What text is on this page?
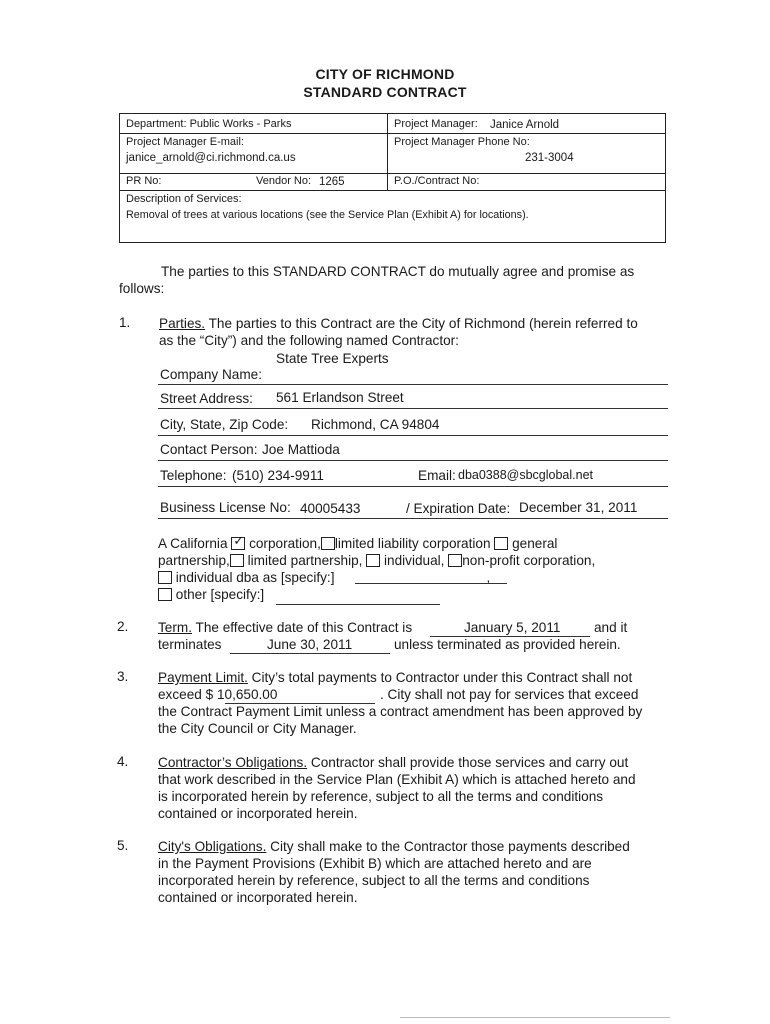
CITY OF RICHMOND
STANDARD CONTRACT
Department: Public Works - Parks	Project Manager: Janice Arnold
Project Manager E-mail:
janice_arnold@ci.richmond.ca.us
Project Manager Phone No:
231-3004
PR No:	Vendor No: 1265	P.O./Contract No:
Description of Services:
Removal of trees at various locations (see the Service Plan (Exhibit A) for locations).
The parties to this STANDARD CONTRACT do mutually agree and promise as
follows:
1. Parties. The parties to this Contract are the City of Richmond (herein referred to
as the “City”) and the following named Contractor:
State Tree Experts
Company Name:
Street Address: 561 Erlandson Street
City, State, Zip Code: Richmond, CA 94804
Contact Person: Joe Mattioda
Telephone: (510) 234-9911	Email: dba0388@sbcglobal.net
Business License No: 40005433	/ Expiration Date: December 31, 2011
A California ✓ corporation, limited liability corporation general
partnership, limited partnership, individual, non-profit corporation,
individual dba as [specify:]	,
other [specify:]
2. Term. The effective date of this Contract is	January 5, 2011 and it
terminates	June 30, 2011	unless terminated as provided herein.
3. Payment Limit. City’s total payments to Contractor under this Contract shall not
exceed $ 10,650.00	. City shall not pay for services that exceed
the Contract Payment Limit unless a contract amendment has been approved by
the City Council or City Manager.
4. Contractor’s Obligations. Contractor shall provide those services and carry out
that work described in the Service Plan (Exhibit A) which is attached hereto and
is incorporated herein by reference, subject to all the terms and conditions
contained or incorporated herein.
5. City's Obligations. City shall make to the Contractor those payments described
in the Payment Provisions (Exhibit B) which are attached hereto and are
incorporated herein by reference, subject to all the terms and conditions
contained or incorporated herein.
